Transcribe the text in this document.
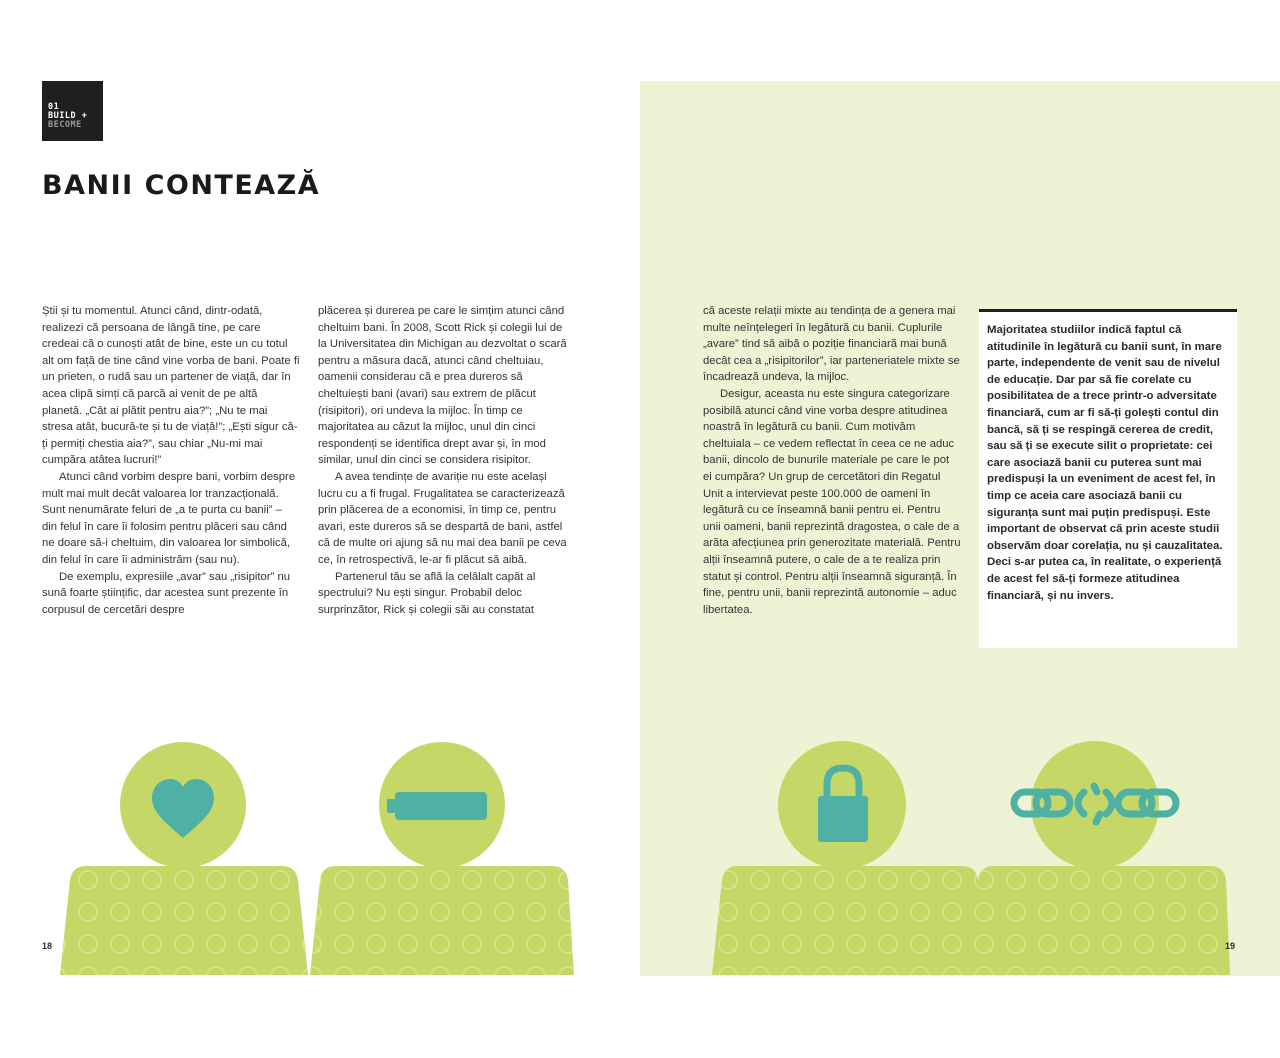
01
BUILD +
BECOME
BANII CONTEAZĂ

Știi și tu momentul. Atunci când, dintr-odată, realizezi că persoana de lângă tine, pe care credeai că o cunoști atât de bine, este un cu totul alt om față de tine când vine vorba de bani. Poate fi un prieten, o rudă sau un partener de viață, dar în acea clipă simți că parcă ai venit de pe altă planetă. „Cât ai plătit pentru aia?”; „Nu te mai stresa atât, bucură-te și tu de viață!”; „Ești sigur că-ți permiți chestia aia?”, sau chiar „Nu-mi mai cumpăra atâtea lucruri!”

Atunci când vorbim despre bani, vorbim despre mult mai mult decât valoarea lor tranzacțională. Sunt nenumărate feluri de „a te purta cu banii” – din felul în care îi folosim pentru plăceri sau când ne doare să-i cheltuim, din valoarea lor simbolică, din felul în care îi administrăm (sau nu).

De exemplu, expresiile „avar” sau „risipitor” nu sună foarte științific, dar acestea sunt prezente în corpusul de cercetări despre

plăcerea și durerea pe care le simțim atunci când cheltuim bani. În 2008, Scott Rick și colegii lui de la Universitatea din Michigan au dezvoltat o scară pentru a măsura dacă, atunci când cheltuiau, oamenii considerau că e prea dureros să cheltuiești bani (avari) sau extrem de plăcut (risipitori), ori undeva la mijloc. În timp ce majoritatea au căzut la mijloc, unul din cinci respondenți se identifica drept avar și, în mod similar, unul din cinci se considera risipitor.

A avea tendințe de avariție nu este același lucru cu a fi frugal. Frugalitatea se caracterizează prin plăcerea de a economisi, în timp ce, pentru avari, este dureros să se despartă de bani, astfel că de multe ori ajung să nu mai dea banii pe ceva ce, în retrospectivă, le-ar fi plăcut să aibă.

Partenerul tău se află la celălalt capăt al spectrului? Nu ești singur. Probabil deloc surprinzător, Rick și colegii săi au constatat

că aceste relații mixte au tendința de a genera mai multe neînțelegeri în legătură cu banii. Cuplurile „avare” tind să aibă o poziție financiară mai bună decât cea a „risipitorilor”, iar parteneriatele mixte se încadrează undeva, la mijloc.

Desigur, aceasta nu este singura categorizare posibilă atunci când vine vorba despre atitudinea noastră în legătură cu banii. Cum motivăm cheltuiala – ce vedem reflectat în ceea ce ne aduc banii, dincolo de bunurile materiale pe care le pot ei cumpăra? Un grup de cercetători din Regatul Unit a intervievat peste 100.000 de oameni în legătură cu ce înseamnă banii pentru ei. Pentru unii oameni, banii reprezintă dragostea, o cale de a arăta afecțiunea prin generozitate materială. Pentru alții înseamnă putere, o cale de a te realiza prin statut și control. Pentru alții înseamnă siguranță. În fine, pentru unii, banii reprezintă autonomie – aduc libertatea.

Majoritatea studiilor indică faptul că atitudinile în legătură cu banii sunt, în mare parte, independente de venit sau de nivelul de educație. Dar par să fie corelate cu posibilitatea de a trece printr-o adversitate financiară, cum ar fi să-ți golești contul din bancă, să ți se respingă cererea de credit, sau să ți se execute silit o proprietate: cei care asociază banii cu puterea sunt mai predispuși la un eveniment de acest fel, în timp ce aceia care asociază banii cu siguranța sunt mai puțin predispuși. Este important de observat că prin aceste studii observăm doar corelația, nu și cauzalitatea. Deci s-ar putea ca, în realitate, o experiență de acest fel să-ți formeze atitudinea financiară, și nu invers.
18	19
